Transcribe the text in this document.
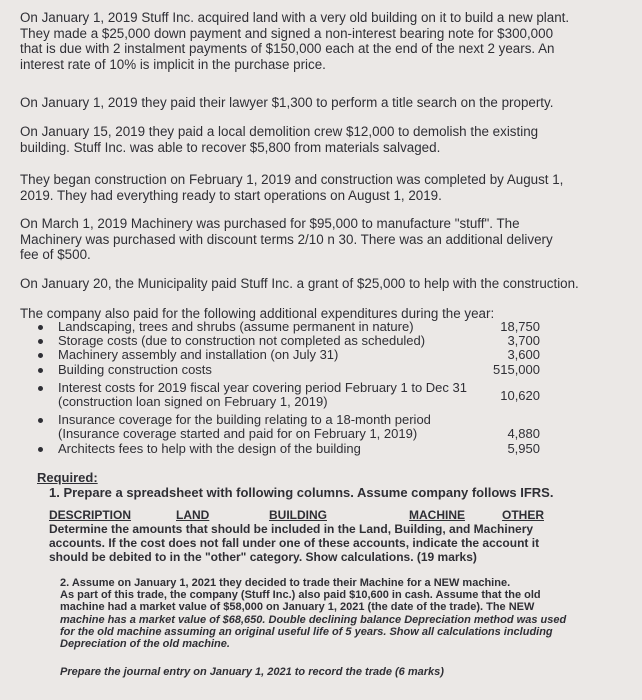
On January 1, 2019 Stuff Inc. acquired land with a very old building on it to build a new plant.
They made a $25,000 down payment and signed a non-interest bearing note for $300,000
that is due with 2 instalment payments of $150,000 each at the end of the next 2 years. An
interest rate of 10% is implicit in the purchase price.
On January 1, 2019 they paid their lawyer $1,300 to perform a title search on the property.
On January 15, 2019 they paid a local demolition crew $12,000 to demolish the existing
building. Stuff Inc. was able to recover $5,800 from materials salvaged.
They began construction on February 1, 2019 and construction was completed by August 1,
2019. They had everything ready to start operations on August 1, 2019.
On March 1, 2019 Machinery was purchased for $95,000 to manufacture "stuff". The
Machinery was purchased with discount terms 2/10 n 30. There was an additional delivery
fee of $500.
On January 20, the Municipality paid Stuff Inc. a grant of $25,000 to help with the construction.
The company also paid for the following additional expenditures during the year:
Landscaping, trees and shrubs (assume permanent in nature)	18,750
Storage costs (due to construction not completed as scheduled)	3,700
Machinery assembly and installation (on July 31)	3,600
Building construction costs	515,000
Interest costs for 2019 fiscal year covering period February 1 to Dec 31
(construction loan signed on February 1, 2019)	10,620
Insurance coverage for the building relating to a 18-month period
(Insurance coverage started and paid for on February 1, 2019)	4,880
Architects fees to help with the design of the building	5,950
Required:
1. Prepare a spreadsheet with following columns. Assume company follows IFRS.
DESCRIPTION	LAND	BUILDING	MACHINE	OTHER
Determine the amounts that should be included in the Land, Building, and Machinery
accounts. If the cost does not fall under one of these accounts, indicate the account it
should be debited to in the "other" category. Show calculations. (19 marks)
2. Assume on January 1, 2021 they decided to trade their Machine for a NEW machine.
As part of this trade, the company (Stuff Inc.) also paid $10,600 in cash. Assume that the old
machine had a market value of $58,000 on January 1, 2021 (the date of the trade). The NEW
machine has a market value of $68,650. Double declining balance Depreciation method was used
for the old machine assuming an original useful life of 5 years. Show all calculations including
Depreciation of the old machine.
Prepare the journal entry on January 1, 2021 to record the trade (6 marks)
